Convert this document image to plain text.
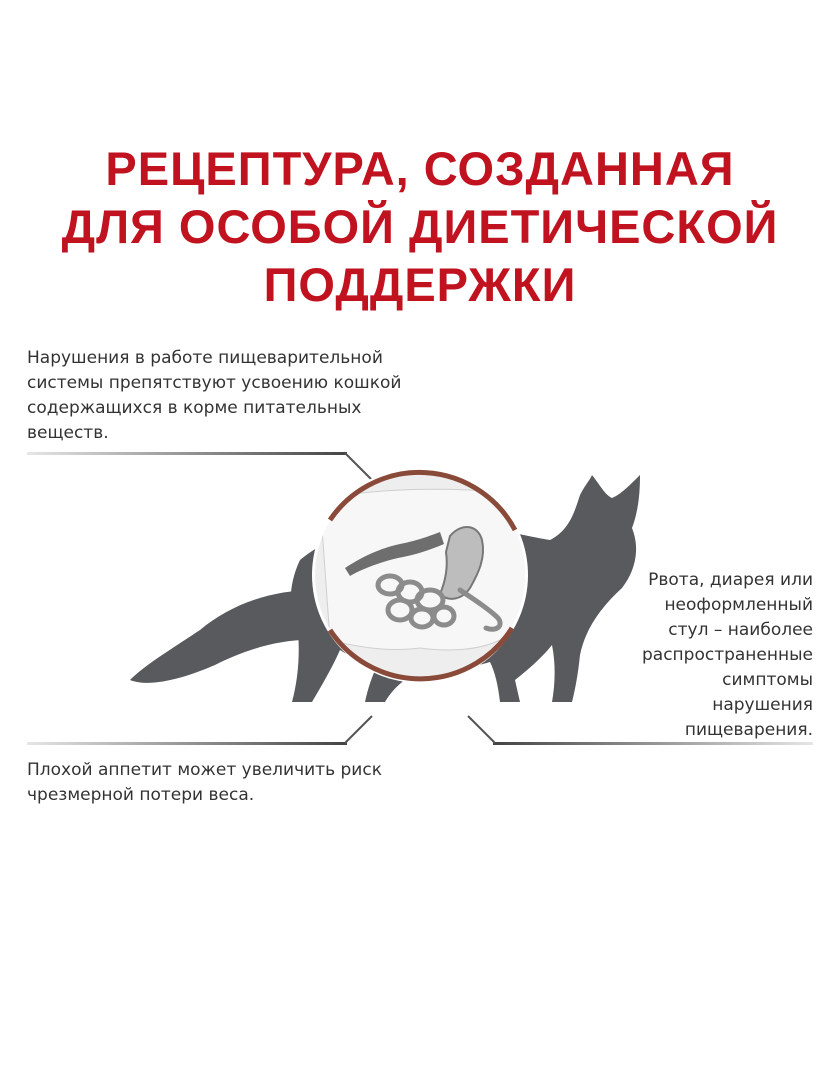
РЕЦЕПТУРА, СОЗДАННАЯ
ДЛЯ ОСОБОЙ ДИЕТИЧЕСКОЙ
ПОДДЕРЖКИ
Нарушения в работе пищеварительной
системы препятствуют усвоению кошкой
содержащихся в корме питательных
веществ.
Рвота, диарея или
неоформленный
стул – наиболее
распространенные
симптомы
нарушения
пищеварения.
Плохой аппетит может увеличить риск
чрезмерной потери веса.
